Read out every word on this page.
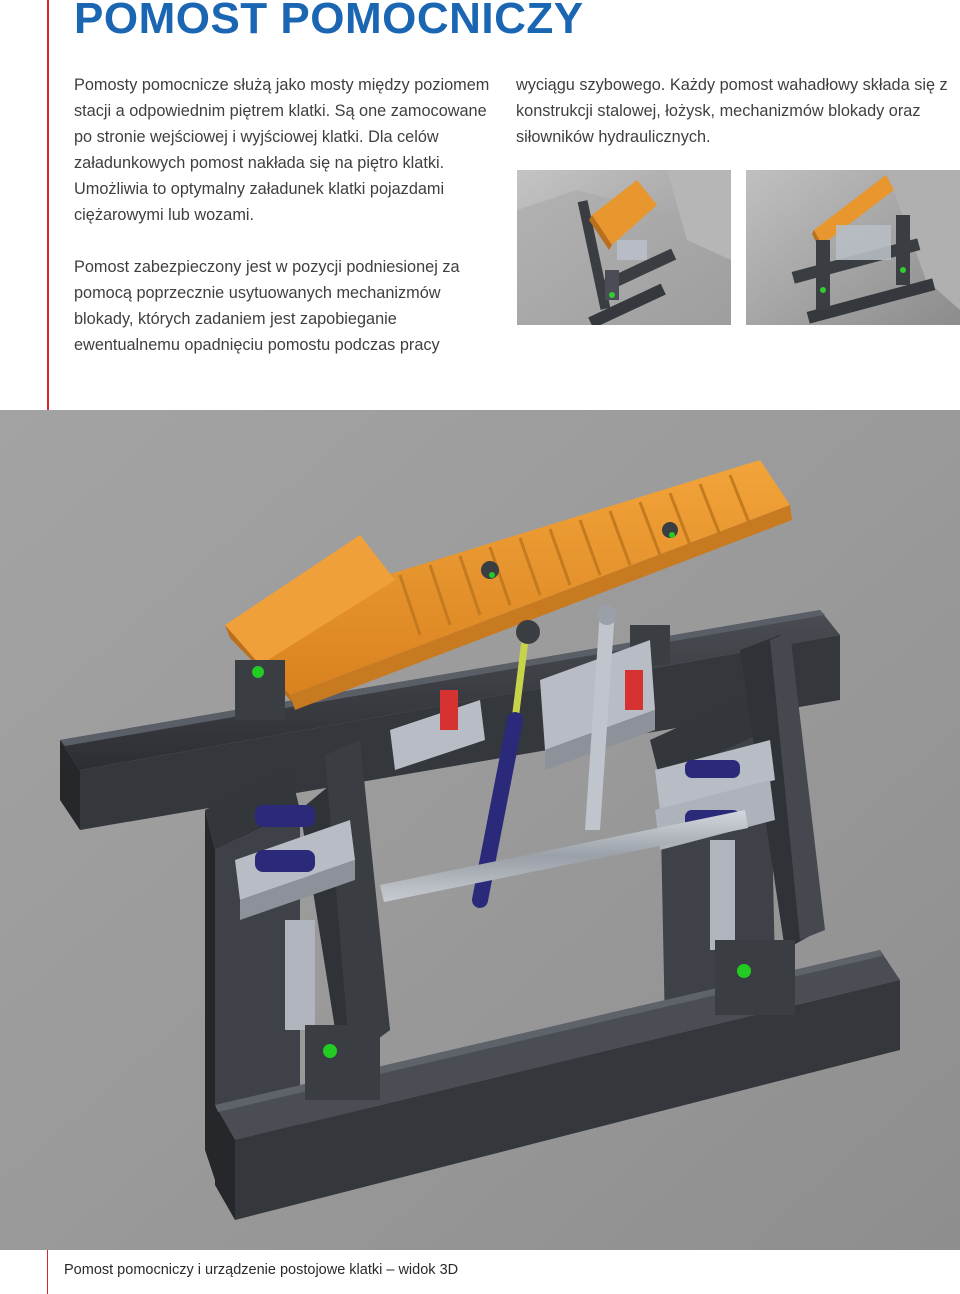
POMOST POMOCNICZY

Pomosty pomocnicze służą jako mosty między poziomem stacji a odpowiednim piętrem klatki. Są one zamocowane po stronie wejściowej i wyjściowej klatki. Dla celów załadunkowych pomost nakłada się na piętro klatki. Umożliwia to optymalny załadunek klatki pojazdami ciężarowymi lub wozami.

Pomost zabezpieczony jest w pozycji podniesionej za pomocą poprzecznie usytuowanych mechanizmów blokady, których zadaniem jest zapobieganie ewentualnemu opadnięciu pomostu podczas pracy

wyciągu szybowego. Każdy pomost wahadłowy składa się z konstrukcji stalowej, łożysk, mechanizmów blokady oraz siłowników hydraulicznych.

Pomost pomocniczy i urządzenie postojowe klatki – widok 3D
